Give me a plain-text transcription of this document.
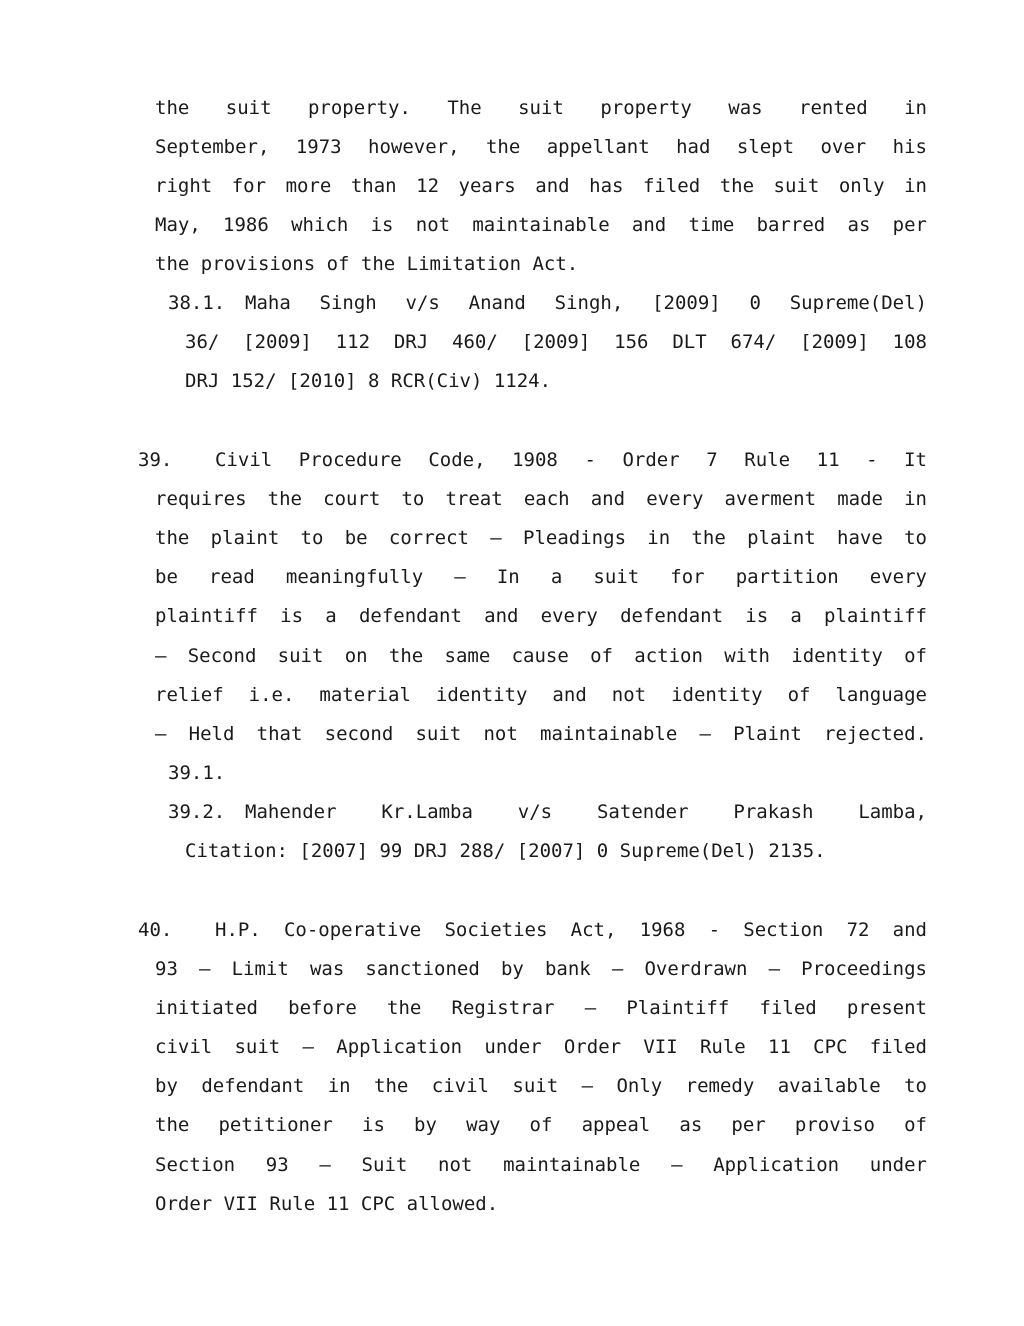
the suit property. The suit property was rented in
September, 1973 however, the appellant had slept over his
right for more than 12 years and has filed the suit only in
May, 1986 which is not maintainable and time barred as per
the provisions of the Limitation Act.
38.1. Maha Singh v/s Anand Singh, [2009] 0 Supreme(Del)
36/ [2009] 112 DRJ 460/ [2009] 156 DLT 674/ [2009] 108
DRJ 152/ [2010] 8 RCR(Civ) 1124.
39. Civil Procedure Code, 1908 - Order 7 Rule 11 - It
requires the court to treat each and every averment made in
the plaint to be correct – Pleadings in the plaint have to
be read meaningfully – In a suit for partition every
plaintiff is a defendant and every defendant is a plaintiff
– Second suit on the same cause of action with identity of
relief i.e. material identity and not identity of language
– Held that second suit not maintainable – Plaint rejected.
39.1.
39.2. Mahender Kr.Lamba v/s Satender Prakash Lamba,
Citation: [2007] 99 DRJ 288/ [2007] 0 Supreme(Del) 2135.
40. H.P. Co-operative Societies Act, 1968 - Section 72 and
93 – Limit was sanctioned by bank – Overdrawn – Proceedings
initiated before the Registrar – Plaintiff filed present
civil suit – Application under Order VII Rule 11 CPC filed
by defendant in the civil suit – Only remedy available to
the petitioner is by way of appeal as per proviso of
Section 93 – Suit not maintainable – Application under
Order VII Rule 11 CPC allowed.
